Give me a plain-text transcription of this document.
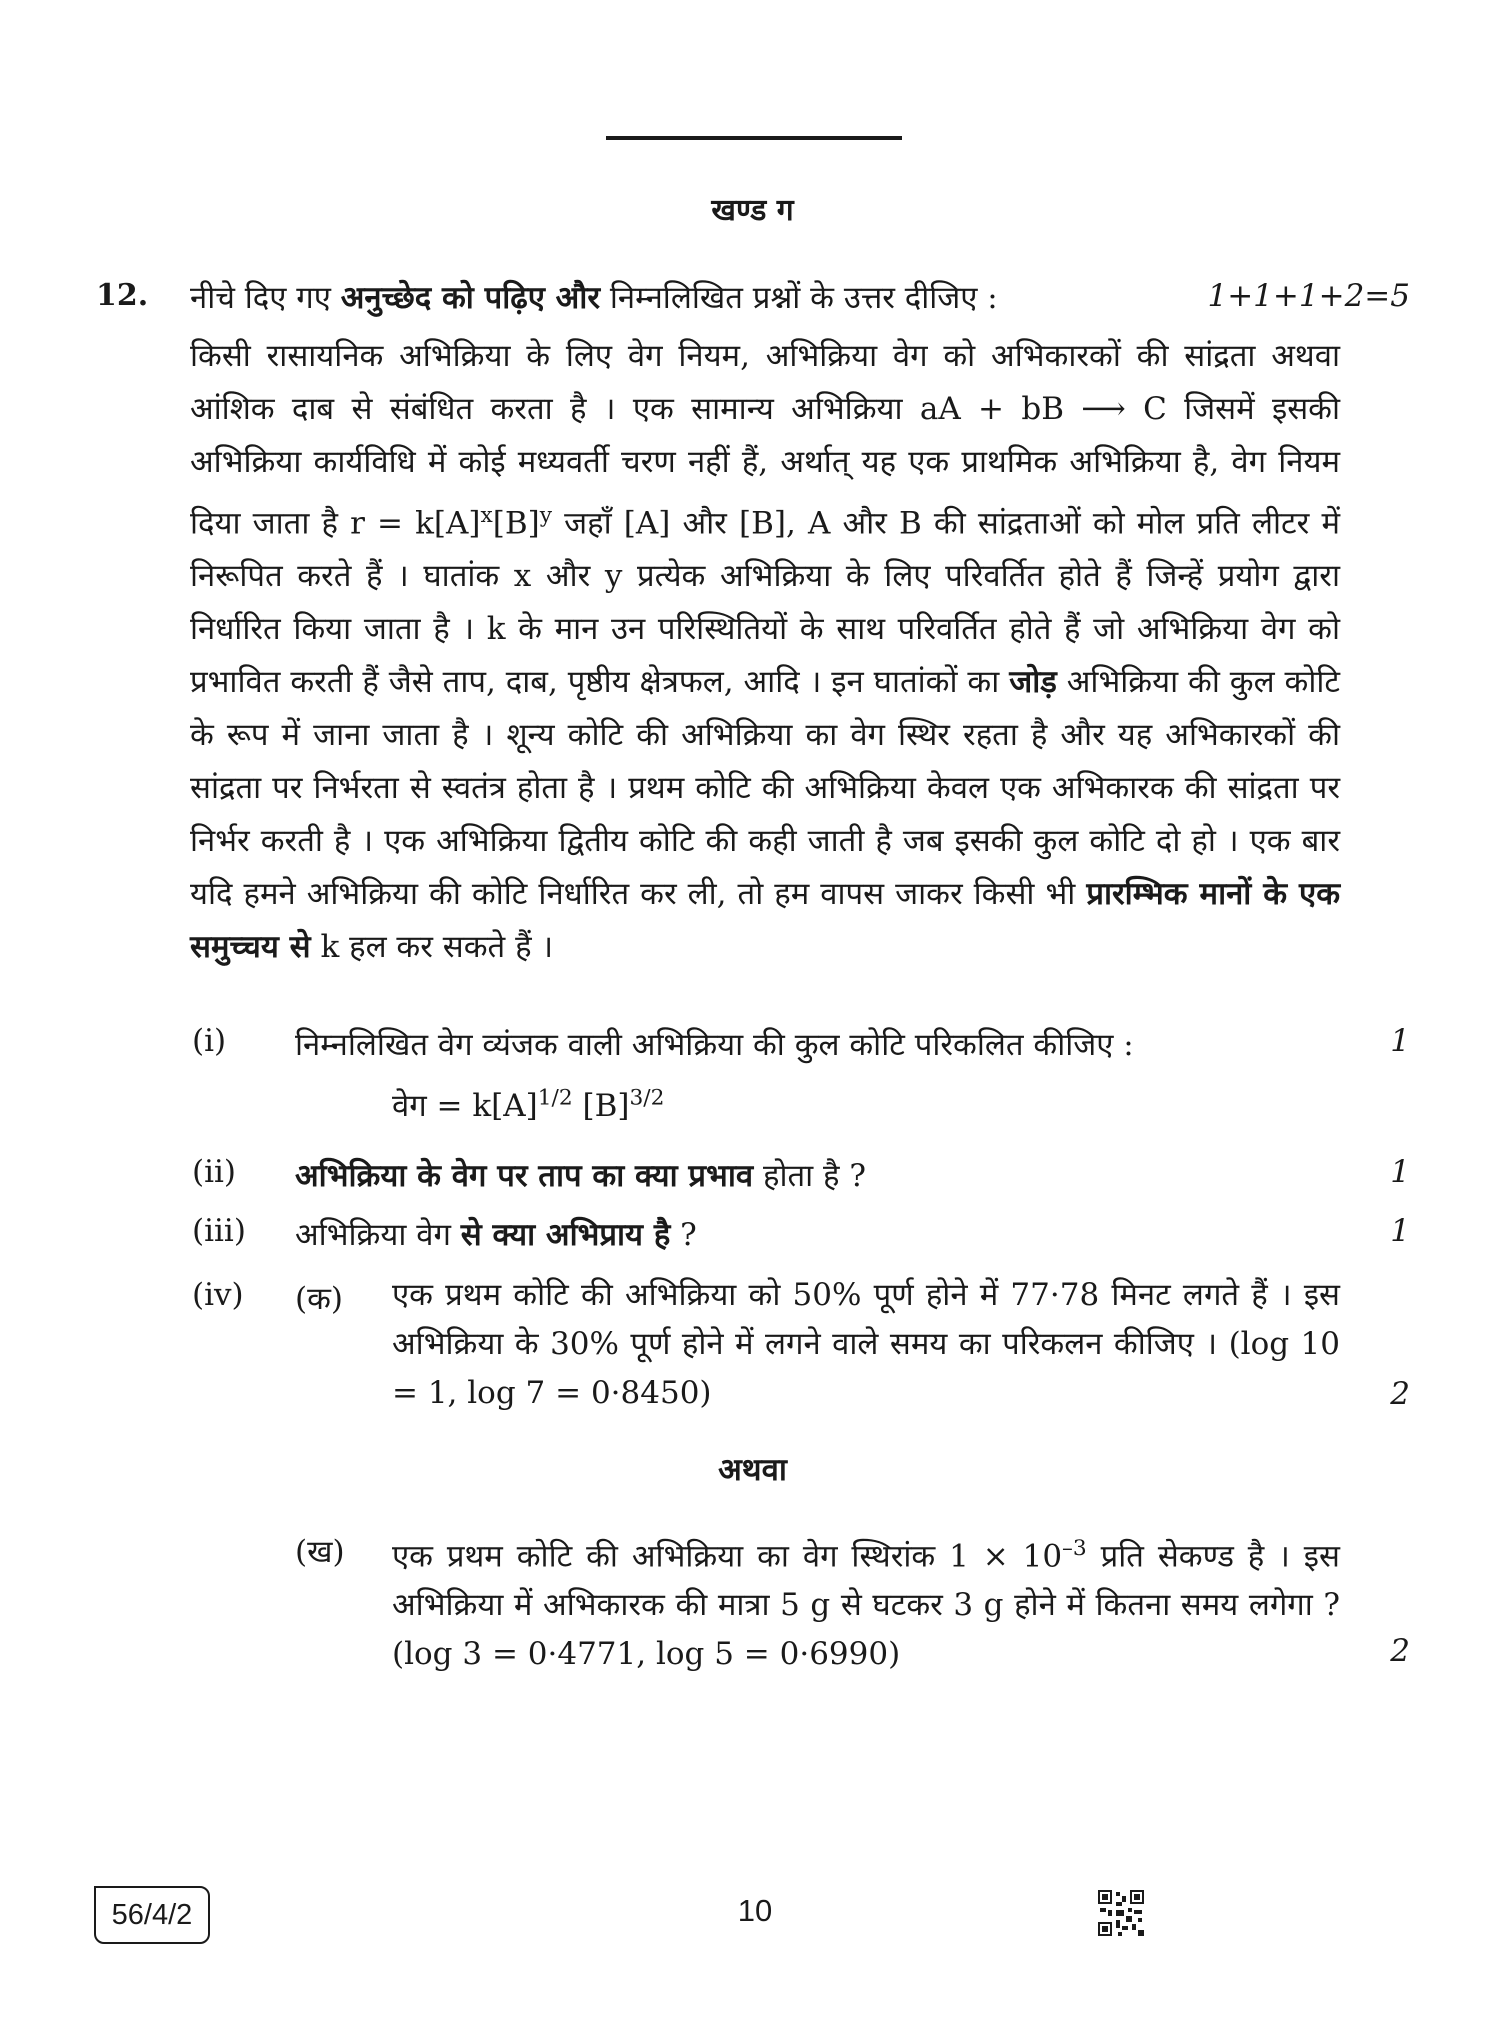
खण्ड ग
12. नीचे दिए गए अनुच्छेद को पढ़िए और निम्नलिखित प्रश्नों के उत्तर दीजिए :	1+1+1+2=5
किसी रासायनिक अभिक्रिया के लिए वेग नियम, अभिक्रिया वेग को अभिकारकों की सांद्रता अथवा आंशिक दाब से संबंधित करता है । एक सामान्य अभिक्रिया aA + bB ⟶ C जिसमें इसकी अभिक्रिया कार्यविधि में कोई मध्यवर्ती चरण नहीं हैं, अर्थात् यह एक प्राथमिक अभिक्रिया है, वेग नियम दिया जाता है $r = k[A]^x[B]^y$ जहाँ [A] और [B], A और B की सांद्रताओं को मोल प्रति लीटर में निरूपित करते हैं । घातांक x और y प्रत्येक अभिक्रिया के लिए परिवर्तित होते हैं जिन्हें प्रयोग द्वारा निर्धारित किया जाता है । k के मान उन परिस्थितियों के साथ परिवर्तित होते हैं जो अभिक्रिया वेग को प्रभावित करती हैं जैसे ताप, दाब, पृष्ठीय क्षेत्रफल, आदि । इन घातांकों का जोड़ अभिक्रिया की कुल कोटि के रूप में जाना जाता है । शून्य कोटि की अभिक्रिया का वेग स्थिर रहता है और यह अभिकारकों की सांद्रता पर निर्भरता से स्वतंत्र होता है । प्रथम कोटि की अभिक्रिया केवल एक अभिकारक की सांद्रता पर निर्भर करती है । एक अभिक्रिया द्वितीय कोटि की कही जाती है जब इसकी कुल कोटि दो हो । एक बार यदि हमने अभिक्रिया की कोटि निर्धारित कर ली, तो हम वापस जाकर किसी भी प्रारम्भिक मानों के एक समुच्चय से k हल कर सकते हैं ।
(i) निम्नलिखित वेग व्यंजक वाली अभिक्रिया की कुल कोटि परिकलित कीजिए :	1
वेग = $k[A]^{1/2}$ $[B]^{3/2}$
(ii) अभिक्रिया के वेग पर ताप का क्या प्रभाव होता है ?	1
(iii) अभिक्रिया वेग से क्या अभिप्राय है ?	1
(iv) (क) एक प्रथम कोटि की अभिक्रिया को 50% पूर्ण होने में 77·78 मिनट लगते हैं । इस अभिक्रिया के 30% पूर्ण होने में लगने वाले समय का परिकलन कीजिए । (log 10 = 1, log 7 = 0·8450)	2
अथवा
(ख) एक प्रथम कोटि की अभिक्रिया का वेग स्थिरांक $1 \times 10^{-3}$ प्रति सेकण्ड है । इस अभिक्रिया में अभिकारक की मात्रा 5 g से घटकर 3 g होने में कितना समय लगेगा ? (log 3 = 0·4771, log 5 = 0·6990)	2
56/4/2	10
